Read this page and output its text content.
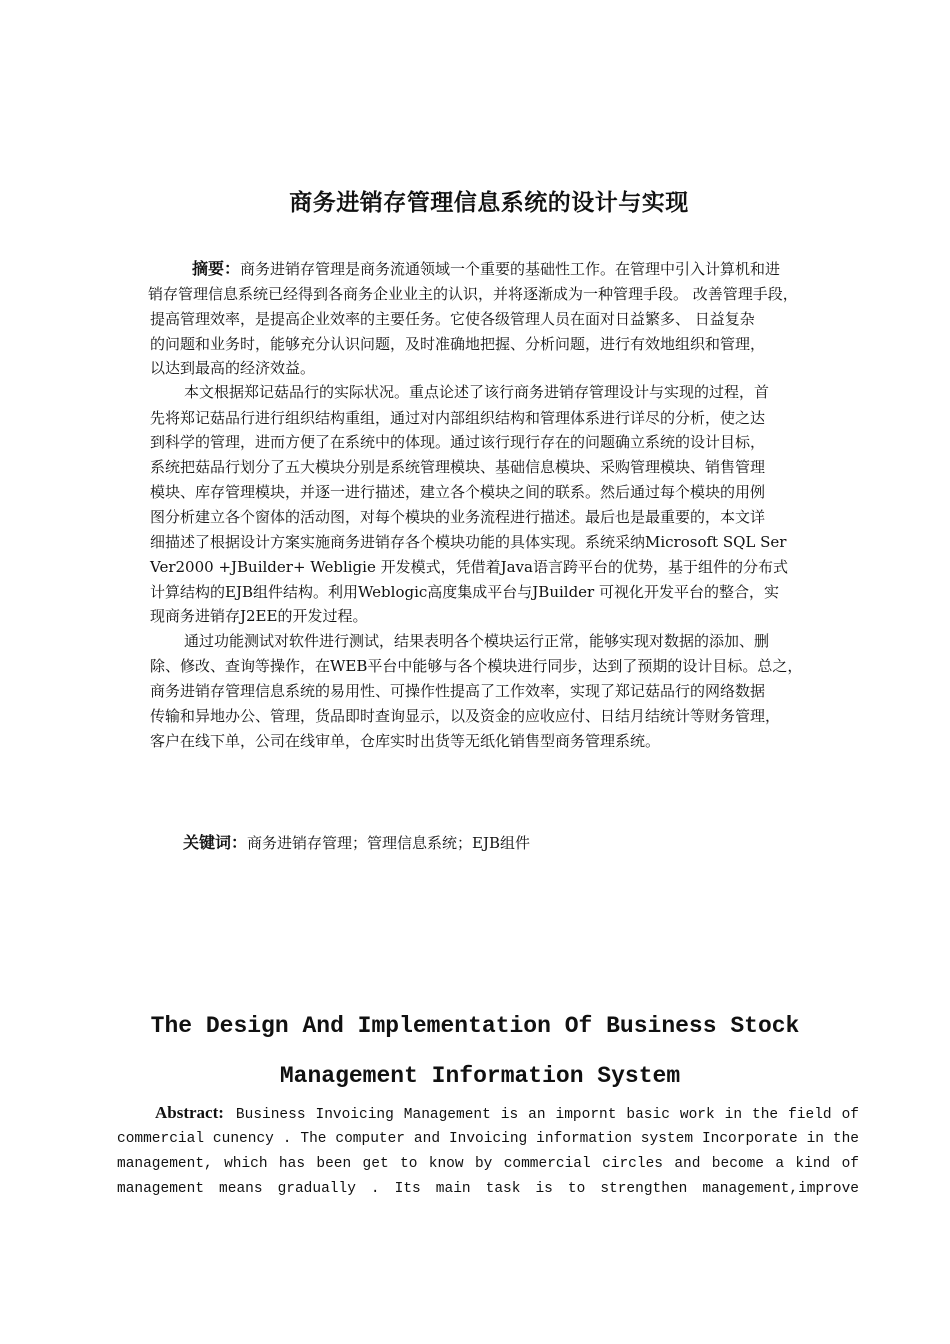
商务进销存管理信息系统的设计与实现
摘要：商务进销存管理是商务流通领域一个重要的基础性工作。在管理中引入计算机和进
销存管理信息系统已经得到各商务企业业主的认识，并将逐渐成为一种管理手段。 改善管理手段，
提高管理效率，是提高企业效率的主要任务。它使各级管理人员在面对日益繁多、 日益复杂
的问题和业务时，能够充分认识问题，及时准确地把握、分析问题，进行有效地组织和管理，
以达到最高的经济效益。
本文根据郑记菇品行的实际状况。重点论述了该行商务进销存管理设计与实现的过程，首
先将郑记菇品行进行组织结构重组，通过对内部组织结构和管理体系进行详尽的分析，使之达
到科学的管理，进而方便了在系统中的体现。通过该行现行存在的问题确立系统的设计目标，
系统把菇品行划分了五大模块分别是系统管理模块、基础信息模块、采购管理模块、销售管理
模块、库存管理模块，并逐一进行描述，建立各个模块之间的联系。然后通过每个模块的用例
图分析建立各个窗体的活动图，对每个模块的业务流程进行描述。最后也是最重要的，本文详
细描述了根据设计方案实施商务进销存各个模块功能的具体实现。系统采纳Microsoft SQL Ser
Ver2000 +JBuilder+ Webligie 开发模式，凭借着Java语言跨平台的优势，基于组件的分布式
计算结构的EJB组件结构。利用Weblogic高度集成平台与JBuilder 可视化开发平台的整合，实
现商务进销存J2EE的开发过程。
通过功能测试对软件进行测试，结果表明各个模块运行正常，能够实现对数据的添加、删
除、修改、查询等操作，在WEB平台中能够与各个模块进行同步，达到了预期的设计目标。总之，
商务进销存管理信息系统的易用性、可操作性提高了工作效率，实现了郑记菇品行的网络数据
传输和异地办公、管理，货品即时查询显示，以及资金的应收应付、日结月结统计等财务管理，
客户在线下单，公司在线审单，仓库实时出货等无纸化销售型商务管理系统。
关键词：商务进销存管理；管理信息系统；EJB组件
The Design And Implementation Of Business Stock
Management Information System
Abstract: Business Invoicing Management is an impornt basic work in the field of
commercial cunency . The computer and Invoicing information system Incorporate in the
management, which has been get to know by commercial circles and become a kind of
management means gradually . Its main task is to strengthen management,improve
